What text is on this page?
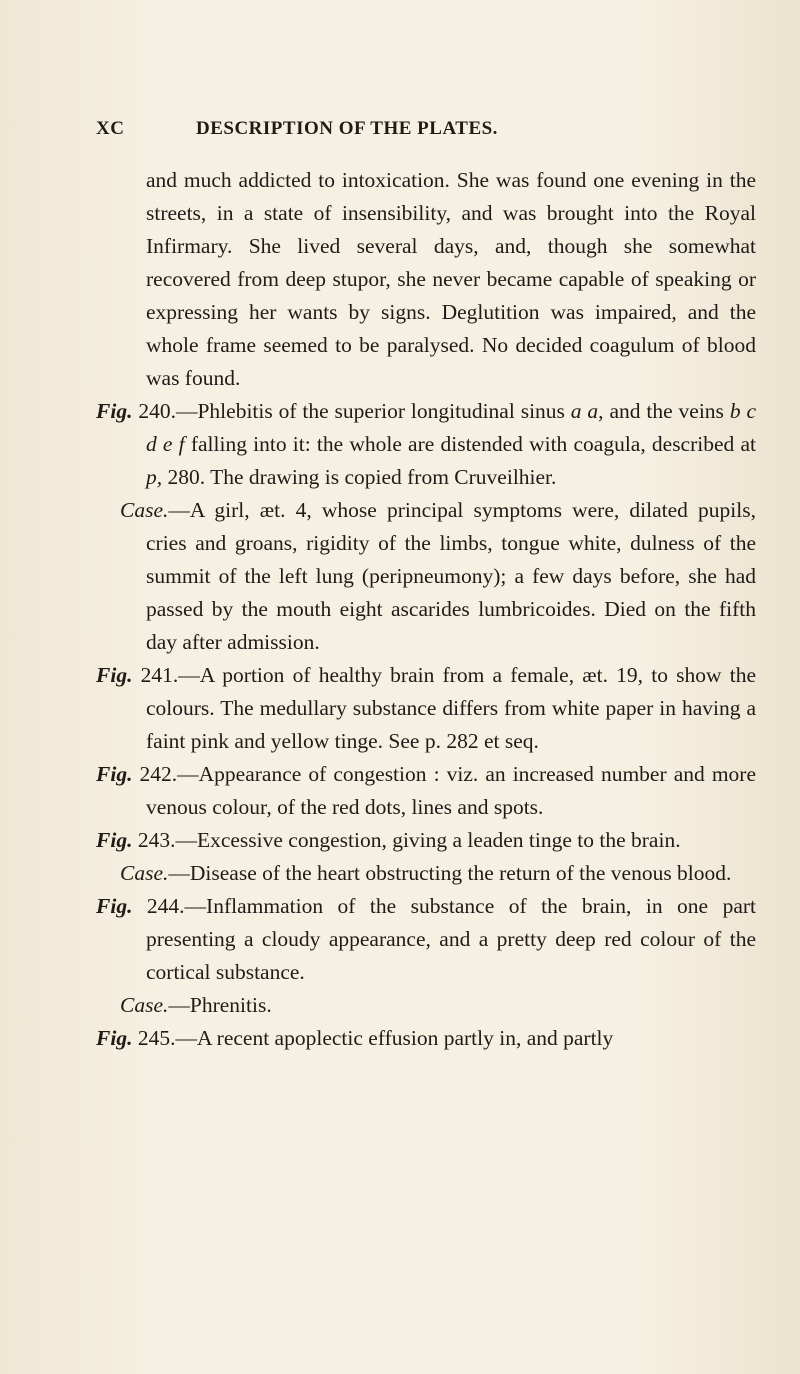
XC	DESCRIPTION OF THE PLATES.

and much addicted to intoxication. She was found one evening in the streets, in a state of insensibility, and was brought into the Royal Infirmary. She lived several days, and, though she somewhat recovered from deep stupor, she never became capable of speaking or expressing her wants by signs. Deglutition was impaired, and the whole frame seemed to be paralysed. No decided coagulum of blood was found.

Fig. 240.—Phlebitis of the superior longitudinal sinus a a, and the veins b c d e f falling into it: the whole are distended with coagula, described at p, 280. The drawing is copied from Cruveilhier.

Case.—A girl, æt. 4, whose principal symptoms were, dilated pupils, cries and groans, rigidity of the limbs, tongue white, dulness of the summit of the left lung (peripneumony); a few days before, she had passed by the mouth eight ascarides lumbricoides. Died on the fifth day after admission.

Fig. 241.—A portion of healthy brain from a female, æt. 19, to show the colours. The medullary substance differs from white paper in having a faint pink and yellow tinge. See p. 282 et seq.

Fig. 242.—Appearance of congestion : viz. an increased number and more venous colour, of the red dots, lines and spots.

Fig. 243.—Excessive congestion, giving a leaden tinge to the brain.

Case.—Disease of the heart obstructing the return of the venous blood.

Fig. 244.—Inflammation of the substance of the brain, in one part presenting a cloudy appearance, and a pretty deep red colour of the cortical substance.

Case.—Phrenitis.

Fig. 245.—A recent apoplectic effusion partly in, and partly
